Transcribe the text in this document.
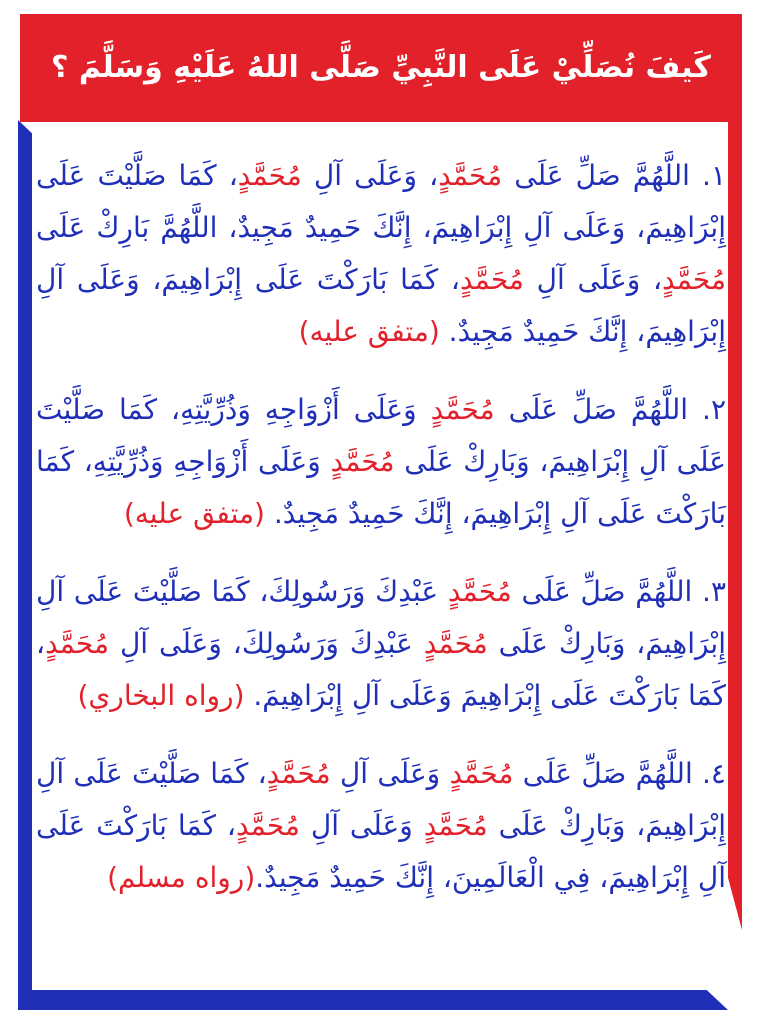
كَيفَ نُصَلِّيْ عَلَى النَّبِيِّ صَلَّى اللهُ عَلَيْهِ وَسَلَّمَ ؟

١. اللَّهُمَّ صَلِّ عَلَى مُحَمَّدٍ، وَعَلَى آلِ مُحَمَّدٍ، كَمَا صَلَّيْتَ عَلَى إِبْرَاهِيمَ، وَعَلَى آلِ إِبْرَاهِيمَ، إِنَّكَ حَمِيدٌ مَجِيدٌ، اللَّهُمَّ بَارِكْ عَلَى مُحَمَّدٍ، وَعَلَى آلِ مُحَمَّدٍ، كَمَا بَارَكْتَ عَلَى إِبْرَاهِيمَ، وَعَلَى آلِ إِبْرَاهِيمَ، إِنَّكَ حَمِيدٌ مَجِيدٌ. (متفق عليه)

٢. اللَّهُمَّ صَلِّ عَلَى مُحَمَّدٍ وَعَلَى أَزْوَاجِهِ وَذُرِّيَّتِهِ، كَمَا صَلَّيْتَ عَلَى آلِ إِبْرَاهِيمَ، وَبَارِكْ عَلَى مُحَمَّدٍ وَعَلَى أَزْوَاجِهِ وَذُرِّيَّتِهِ، كَمَا بَارَكْتَ عَلَى آلِ إِبْرَاهِيمَ، إِنَّكَ حَمِيدٌ مَجِيدٌ. (متفق عليه)

٣. اللَّهُمَّ صَلِّ عَلَى مُحَمَّدٍ عَبْدِكَ وَرَسُولِكَ، كَمَا صَلَّيْتَ عَلَى آلِ إِبْرَاهِيمَ، وَبَارِكْ عَلَى مُحَمَّدٍ عَبْدِكَ وَرَسُولِكَ، وَعَلَى آلِ مُحَمَّدٍ، كَمَا بَارَكْتَ عَلَى إِبْرَاهِيمَ وَعَلَى آلِ إِبْرَاهِيمَ. (رواه البخاري)

٤. اللَّهُمَّ صَلِّ عَلَى مُحَمَّدٍ وَعَلَى آلِ مُحَمَّدٍ، كَمَا صَلَّيْتَ عَلَى آلِ إِبْرَاهِيمَ، وَبَارِكْ عَلَى مُحَمَّدٍ وَعَلَى آلِ مُحَمَّدٍ، كَمَا بَارَكْتَ عَلَى آلِ إِبْرَاهِيمَ، فِي الْعَالَمِينَ، إِنَّكَ حَمِيدٌ مَجِيدٌ.(رواه مسلم)
